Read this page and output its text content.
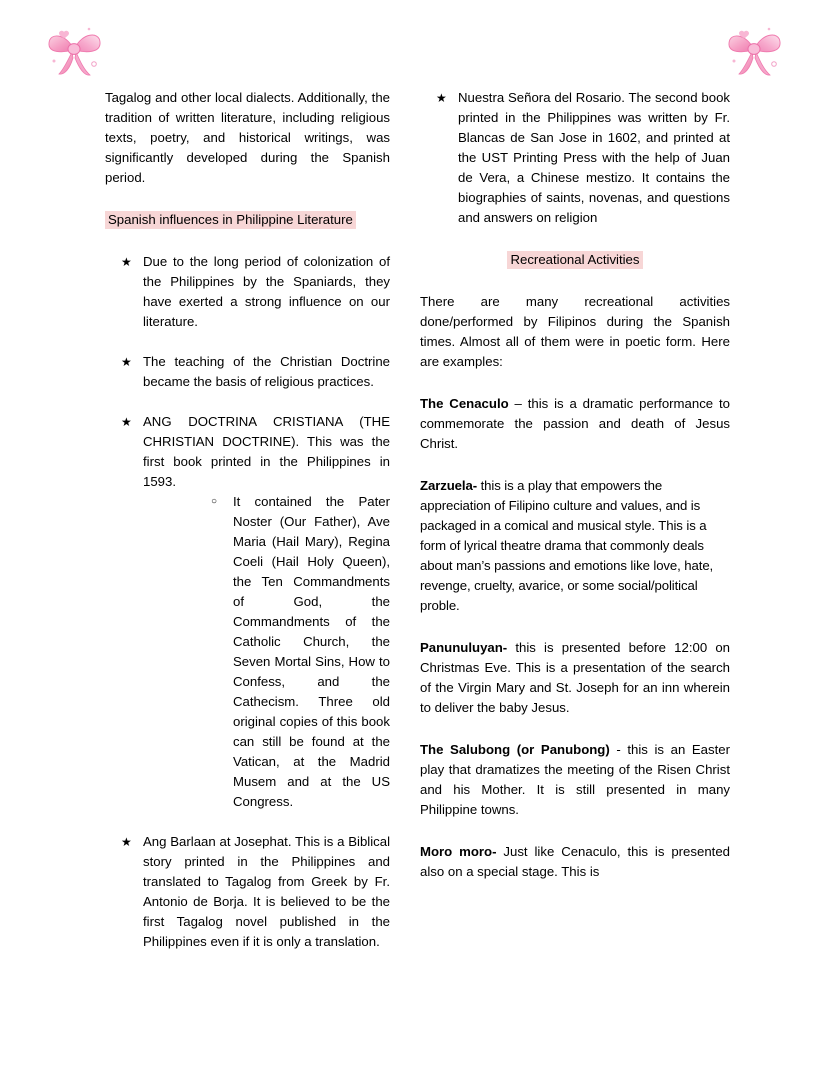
Tagalog and other local dialects. Additionally, the tradition of written literature, including religious texts, poetry, and historical writings, was significantly developed during the Spanish period.

Spanish influences in Philippine Literature
★ Due to the long period of colonization of the Philippines by the Spaniards, they have exerted a strong influence on our literature.
★ The teaching of the Christian Doctrine became the basis of religious practices.
★ ANG DOCTRINA CRISTIANA (THE CHRISTIAN DOCTRINE). This was the first book printed in the Philippines in 1593.
○ It contained the Pater Noster (Our Father), Ave Maria (Hail Mary), Regina Coeli (Hail Holy Queen), the Ten Commandments of God, the Commandments of the Catholic Church, the Seven Mortal Sins, How to Confess, and the Cathecism. Three old original copies of this book can still be found at the Vatican, at the Madrid Musem and at the US Congress.
★ Ang Barlaan at Josephat. This is a Biblical story printed in the Philippines and translated to Tagalog from Greek by Fr. Antonio de Borja. It is believed to be the first Tagalog novel published in the Philippines even if it is only a translation.
★ Nuestra Señora del Rosario. The second book printed in the Philippines was written by Fr. Blancas de San Jose in 1602, and printed at the UST Printing Press with the help of Juan de Vera, a Chinese mestizo. It contains the biographies of saints, novenas, and questions and answers on religion
Recreational Activities

There are many recreational activities done/performed by Filipinos during the Spanish times. Almost all of them were in poetic form. Here are examples:

The Cenaculo – this is a dramatic performance to commemorate the passion and death of Jesus Christ.

Zarzuela- this is a play that empowers the appreciation of Filipino culture and values, and is packaged in a comical and musical style. This is a form of lyrical theatre drama that commonly deals about man’s passions and emotions like love, hate, revenge, cruelty, avarice, or some social/political proble.

Panunuluyan- this is presented before 12:00 on Christmas Eve. This is a presentation of the search of the Virgin Mary and St. Joseph for an inn wherein to deliver the baby Jesus.

The Salubong (or Panubong) - this is an Easter play that dramatizes the meeting of the Risen Christ and his Mother. It is still presented in many Philippine towns.

Moro moro- Just like Cenaculo, this is presented also on a special stage. This is
